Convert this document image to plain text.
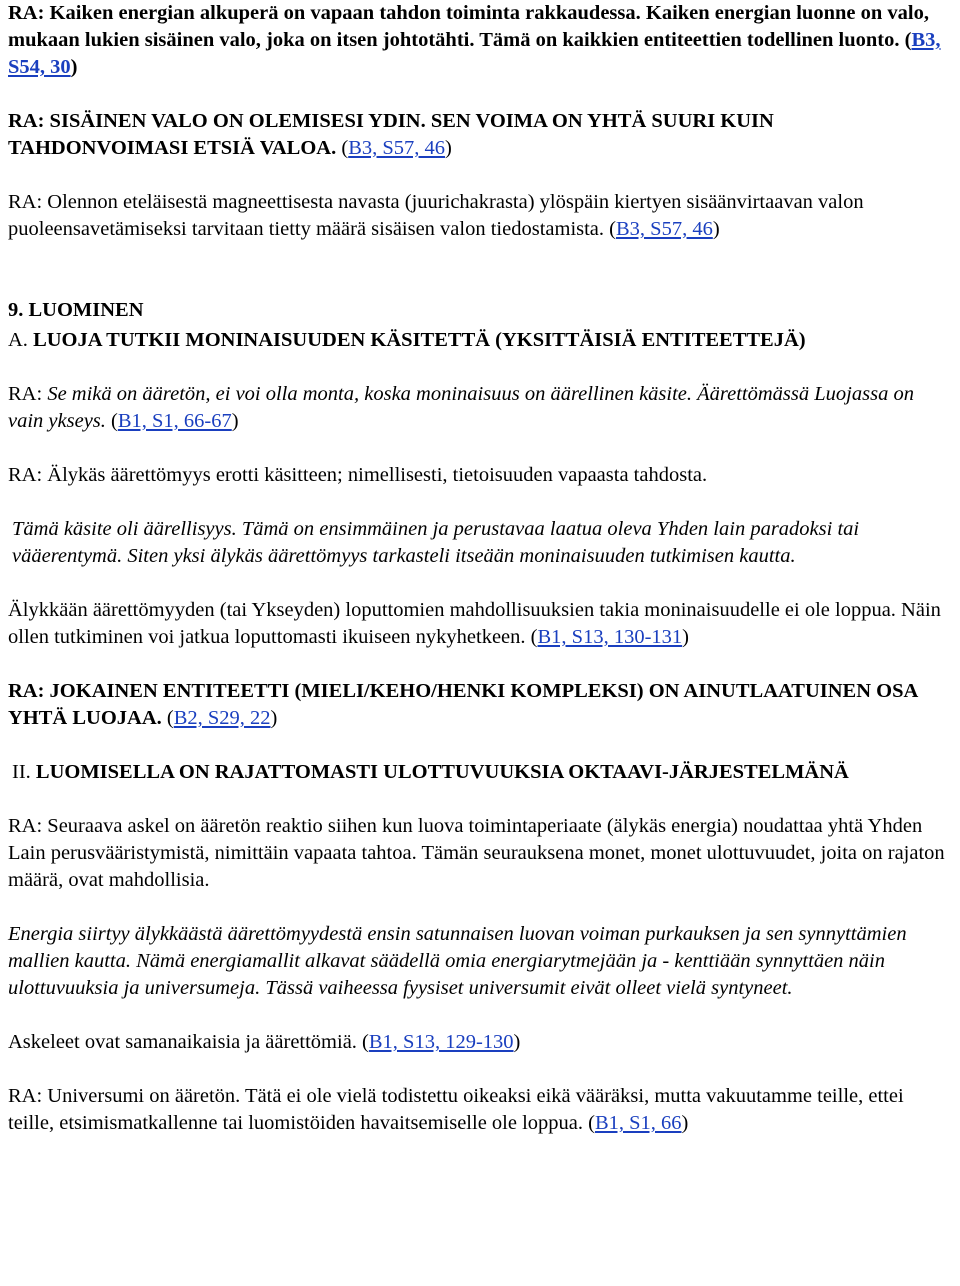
RA: Kaiken energian alkuperä on vapaan tahdon toiminta rakkaudessa. Kaiken energian luonne on valo, mukaan lukien sisäinen valo, joka on itsen johtotähti. Tämä on kaikkien entiteettien todellinen luonto. (B3, S54, 30)

RA: SISÄINEN VALO ON OLEMISESI YDIN. SEN VOIMA ON YHTÄ SUURI KUIN TAHDONVOIMASI ETSIÄ VALOA. (B3, S57, 46)

RA: Olennon eteläisestä magneettisesta navasta (juurichakrasta) ylöspäin kiertyen sisäänvirtaavan valon puoleensavetämiseksi tarvitaan tietty määrä sisäisen valon tiedostamista. (B3, S57, 46)

9. LUOMINEN

A. LUOJA TUTKII MONINAISUUDEN KÄSITETTÄ (YKSITTÄISIÄ ENTITEETTEJÄ)

RA: Se mikä on ääretön, ei voi olla monta, koska moninaisuus on äärellinen käsite. Äärettömässä Luojassa on vain ykseys. (B1, S1, 66-67)

RA: Älykäs äärettömyys erotti käsitteen; nimellisesti, tietoisuuden vapaasta tahdosta.

Tämä käsite oli äärellisyys. Tämä on ensimmäinen ja perustavaa laatua oleva Yhden lain paradoksi tai vääerentymä. Siten yksi älykäs äärettömyys tarkasteli itseään moninaisuuden tutkimisen kautta.

Älykkään äärettömyyden (tai Ykseyden) loputtomien mahdollisuuksien takia moninaisuudelle ei ole loppua. Näin ollen tutkiminen voi jatkua loputtomasti ikuiseen nykyhetkeen. (B1, S13, 130-131)

RA: JOKAINEN ENTITEETTI (MIELI/KEHO/HENKI KOMPLEKSI) ON AINUTLAATUINEN OSA YHTÄ LUOJAA. (B2, S29, 22)

II. LUOMISELLA ON RAJATTOMASTI ULOTTUVUUKSIA OKTAAVI-JÄRJESTELMÄNÄ

RA: Seuraava askel on ääretön reaktio siihen kun luova toimintaperiaate (älykäs energia) noudattaa yhtä Yhden Lain perusvääristymistä, nimittäin vapaata tahtoa. Tämän seurauksena monet, monet ulottuvuudet, joita on rajaton määrä, ovat mahdollisia.

Energia siirtyy älykkäästä äärettömyydestä ensin satunnaisen luovan voiman purkauksen ja sen synnyttämien mallien kautta. Nämä energiamallit alkavat säädellä omia energiarytmejään ja - kenttiään synnyttäen näin ulottuvuuksia ja universumeja. Tässä vaiheessa fyysiset universumit eivät olleet vielä syntyneet.

Askeleet ovat samanaikaisia ja äärettömiä. (B1, S13, 129-130)

RA: Universumi on ääretön. Tätä ei ole vielä todistettu oikeaksi eikä vääräksi, mutta vakuutamme teille, ettei teille, etsimismatkallenne tai luomistöiden havaitsemiselle ole loppua. (B1, S1, 66)
